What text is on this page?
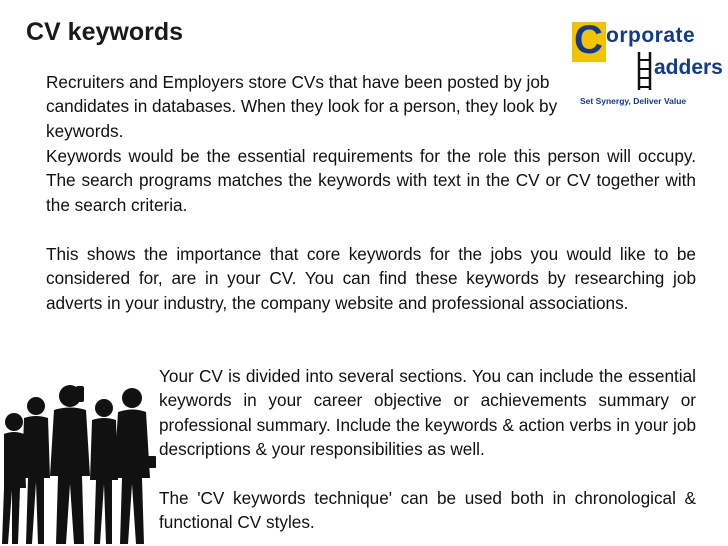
CV keywords	C orporate
adders
Set Synergy, Deliver Value

Recruiters and Employers store CVs that have been posted by job candidates in databases. When they look for a person, they look by keywords.

Keywords would be the essential requirements for the role this person will occupy. The search programs matches the keywords with text in the CV or CV together with the search criteria.

This shows the importance that core keywords for the jobs you would like to be considered for, are in your CV. You can find these keywords by researching job adverts in your industry, the company website and professional associations.

Your CV is divided into several sections. You can include the essential keywords in your career objective or achievements summary or professional summary. Include the keywords & action verbs in your job descriptions & your responsibilities as well.

The 'CV keywords technique' can be used both in chronological & functional CV styles.
